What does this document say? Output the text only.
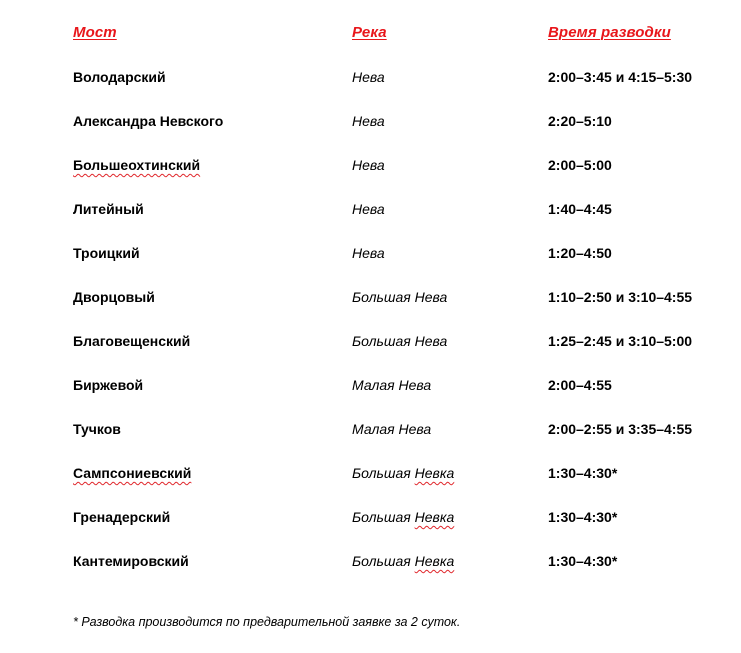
Мост	Река	Время разводки
Володарский	Нева	2:00–3:45 и 4:15–5:30
Александра Невского	Нева	2:20–5:10
Большеохтинский	Нева	2:00–5:00
Литейный	Нева	1:40–4:45
Троицкий	Нева	1:20–4:50
Дворцовый	Большая Нева	1:10–2:50 и 3:10–4:55
Благовещенский	Большая Нева	1:25–2:45 и 3:10–5:00
Биржевой	Малая Нева	2:00–4:55
Тучков	Малая Нева	2:00–2:55 и 3:35–4:55
Сампсониевский	Большая Невка	1:30–4:30*
Гренадерский	Большая Невка	1:30–4:30*
Кантемировский	Большая Невка	1:30–4:30*
* Разводка производится по предварительной заявке за 2 суток.
